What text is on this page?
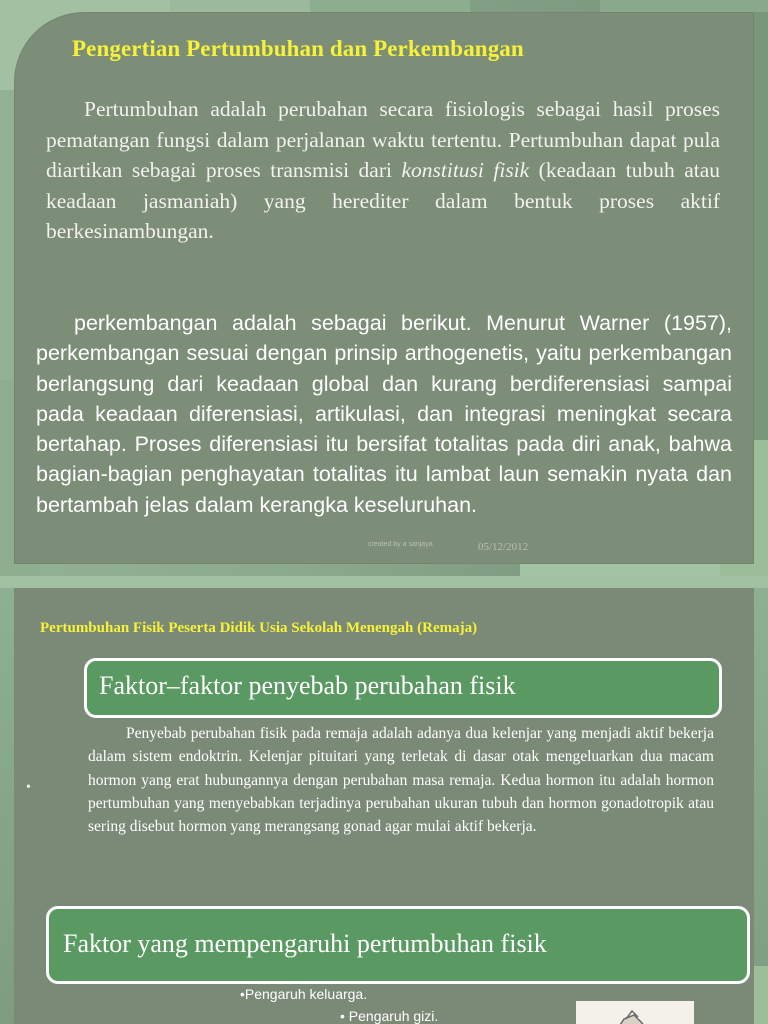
Pengertian Pertumbuhan dan Perkembangan

Pertumbuhan adalah perubahan secara fisiologis sebagai hasil proses pematangan fungsi dalam perjalanan waktu tertentu. Pertumbuhan dapat pula diartikan sebagai proses transmisi dari konstitusi fisik (keadaan tubuh atau keadaan jasmaniah) yang herediter dalam bentuk proses aktif berkesinambungan.

perkembangan adalah sebagai berikut. Menurut Warner (1957), perkembangan sesuai dengan prinsip arthogenetis, yaitu perkembangan berlangsung dari keadaan global dan kurang berdiferensiasi sampai pada keadaan diferensiasi, artikulasi, dan integrasi meningkat secara bertahap. Proses diferensiasi itu bersifat totalitas pada diri anak, bahwa bagian-bagian penghayatan totalitas itu lambat laun semakin nyata dan bertambah jelas dalam kerangka keseluruhan.

created by a sanjaya	05/12/2012
Pertumbuhan Fisik Peserta Didik Usia Sekolah Menengah (Remaja)
Faktor–faktor penyebab perubahan fisik
•

Penyebab perubahan fisik pada remaja adalah adanya dua kelenjar yang menjadi aktif bekerja dalam sistem endoktrin. Kelenjar pituitari yang terletak di dasar otak mengeluarkan dua macam hormon yang erat hubungannya dengan perubahan masa remaja. Kedua hormon itu adalah hormon pertumbuhan yang menyebabkan terjadinya perubahan ukuran tubuh dan hormon gonadotropik atau sering disebut hormon yang merangsang gonad agar mulai aktif bekerja.

Faktor yang mempengaruhi pertumbuhan fisik
•Pengaruh keluarga.
• Pengaruh gizi.
